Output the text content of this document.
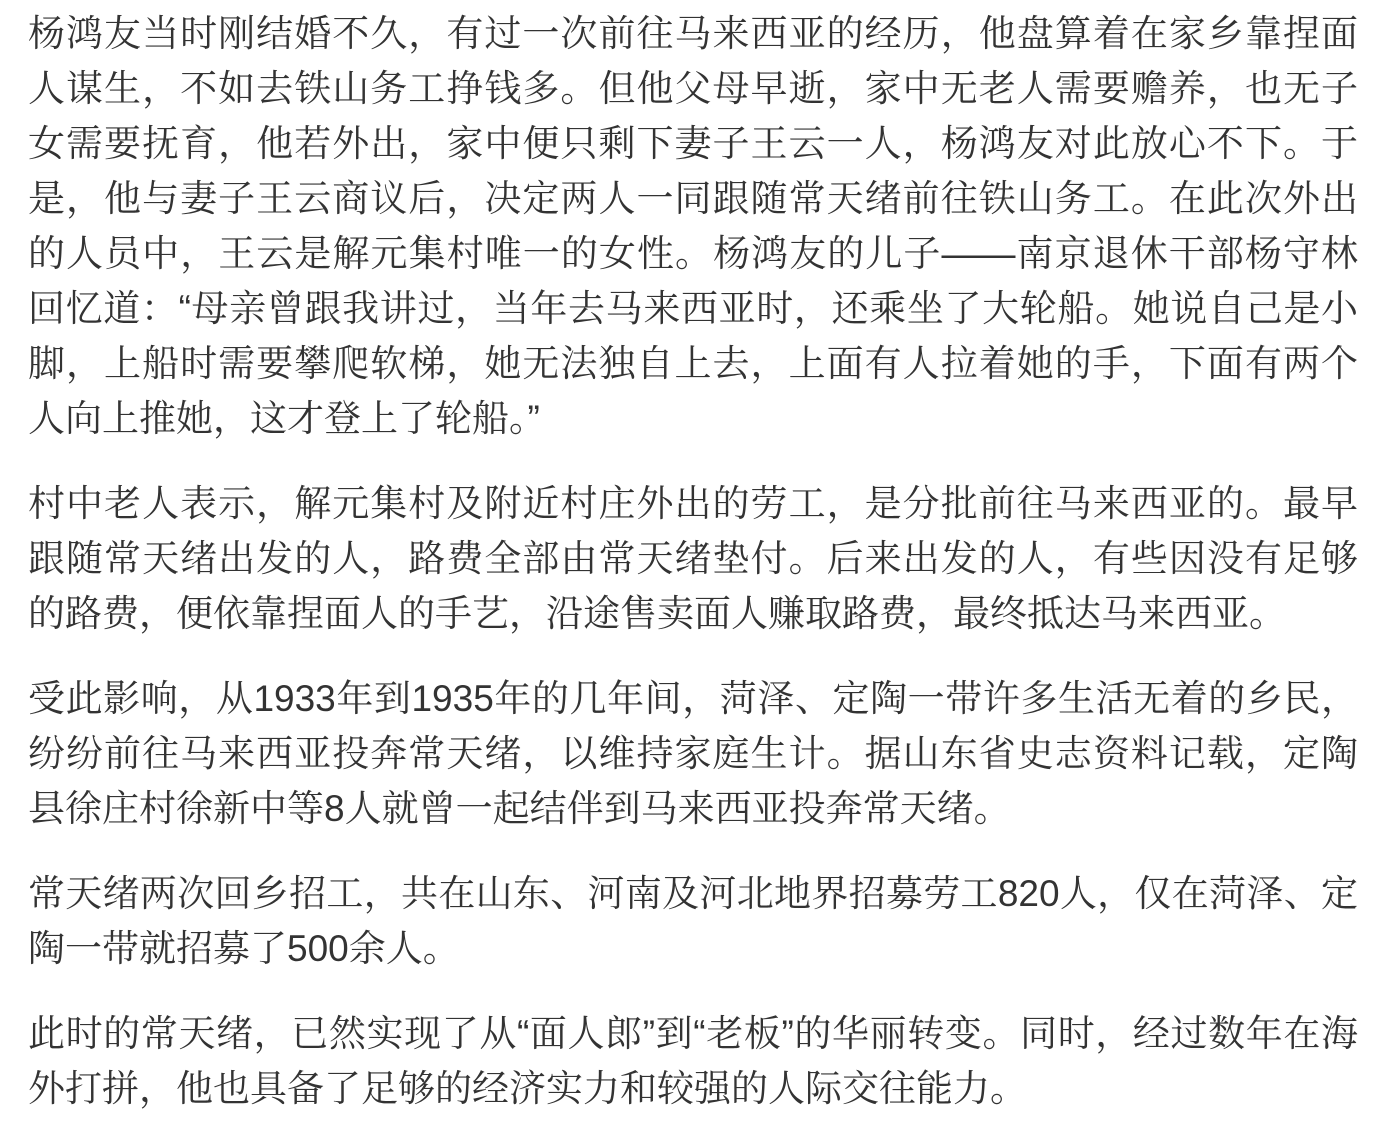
杨鸿友当时刚结婚不久，有过一次前往马来西亚的经历，他盘算着在家乡靠捏面人谋生，不如去铁山务工挣钱多。但他父母早逝，家中无老人需要赡养，也无子女需要抚育，他若外出，家中便只剩下妻子王云一人，杨鸿友对此放心不下。于是，他与妻子王云商议后，决定两人一同跟随常天绪前往铁山务工。在此次外出的人员中，王云是解元集村唯一的女性。杨鸿友的儿子——南京退休干部杨守林回忆道：“母亲曾跟我讲过，当年去马来西亚时，还乘坐了大轮船。她说自己是小脚，上船时需要攀爬软梯，她无法独自上去，上面有人拉着她的手，下面有两个人向上推她，这才登上了轮船。”

村中老人表示，解元集村及附近村庄外出的劳工，是分批前往马来西亚的。最早跟随常天绪出发的人，路费全部由常天绪垫付。后来出发的人，有些因没有足够的路费，便依靠捏面人的手艺，沿途售卖面人赚取路费，最终抵达马来西亚。

受此影响，从1933年到1935年的几年间，菏泽、定陶一带许多生活无着的乡民，纷纷前往马来西亚投奔常天绪，以维持家庭生计。据山东省史志资料记载，定陶县徐庄村徐新中等8人就曾一起结伴到马来西亚投奔常天绪。

常天绪两次回乡招工，共在山东、河南及河北地界招募劳工820人，仅在菏泽、定陶一带就招募了500余人。

此时的常天绪，已然实现了从“面人郎”到“老板”的华丽转变。同时，经过数年在海外打拼，他也具备了足够的经济实力和较强的人际交往能力。
